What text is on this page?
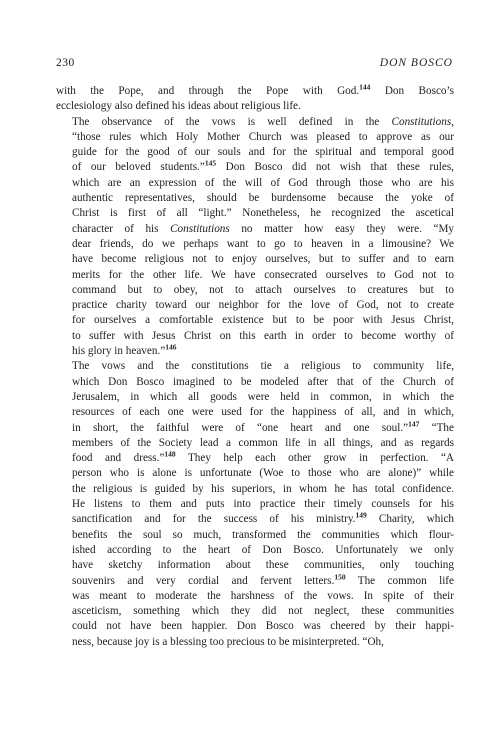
230	DON BOSCO

with the Pope, and through the Pope with God.$^{144}$ Don Bosco’s
ecclesiology also defined his ideas about religious life.

The observance of the vows is well defined in the Constitutions,
“those rules which Holy Mother Church was pleased to approve as our
guide for the good of our souls and for the spiritual and temporal good
of our beloved students.”$^{145}$ Don Bosco did not wish that these rules,
which are an expression of the will of God through those who are his
authentic representatives, should be burdensome because the yoke of
Christ is first of all “light.” Nonetheless, he recognized the ascetical
character of his Constitutions no matter how easy they were. “My
dear friends, do we perhaps want to go to heaven in a limousine? We
have become religious not to enjoy ourselves, but to suffer and to earn
merits for the other life. We have consecrated ourselves to God not to
command but to obey, not to attach ourselves to creatures but to
practice charity toward our neighbor for the love of God, not to create
for ourselves a comfortable existence but to be poor with Jesus Christ,
to suffer with Jesus Christ on this earth in order to become worthy of
his glory in heaven.”$^{146}$

The vows and the constitutions tie a religious to community life,
which Don Bosco imagined to be modeled after that of the Church of
Jerusalem, in which all goods were held in common, in which the
resources of each one were used for the happiness of all, and in which,
in short, the faithful were of “one heart and one soul.”$^{147}$ “The
members of the Society lead a common life in all things, and as regards
food and dress.”$^{148}$ They help each other grow in perfection. “A
person who is alone is unfortunate (Woe to those who are alone)” while
the religious is guided by his superiors, in whom he has total confidence.
He listens to them and puts into practice their timely counsels for his
sanctification and for the success of his ministry.$^{149}$ Charity, which
benefits the soul so much, transformed the communities which flour-
ished according to the heart of Don Bosco. Unfortunately we only
have sketchy information about these communities, only touching
souvenirs and very cordial and fervent letters.$^{150}$ The common life
was meant to moderate the harshness of the vows. In spite of their
asceticism, something which they did not neglect, these communities
could not have been happier. Don Bosco was cheered by their happi-
ness, because joy is a blessing too precious to be misinterpreted. “Oh,
